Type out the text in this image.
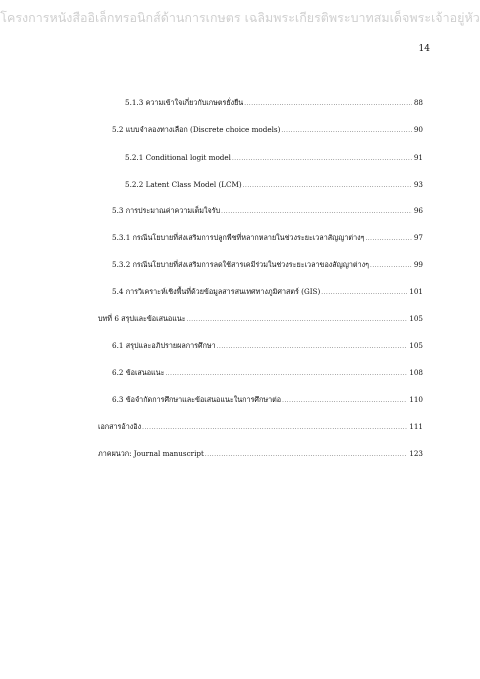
โครงการหนังสืออิเล็กทรอนิกส์ด้านการเกษตร เฉลิมพระเกียรติพระบาทสมเด็จพระเจ้าอยู่หัว
14
5.1.3 ความเข้าใจเกี่ยวกับเกษตรยั่งยืน .....	88
5.2 แบบจำลองทางเลือก (Discrete choice models) .....	90
5.2.1 Conditional logit model .....	91
5.2.2 Latent Class Model (LCM) .....	93
5.3 การประมาณค่าความเต็มใจรับ .....	96
5.3.1 กรณีนโยบายที่ส่งเสริมการปลูกพืชที่หลากหลายในช่วงระยะเวลาสัญญาต่างๆ .....	97
5.3.2 กรณีนโยบายที่ส่งเสริมการลดใช้สารเคมีร่วมในช่วงระยะเวลาของสัญญาต่างๆ .....	99
5.4 การวิเคราะห์เชิงพื้นที่ด้วยข้อมูลสารสนเทศทางภูมิศาสตร์ (GIS) .....	101
บทที่ 6 สรุปและข้อเสนอแนะ .....	105
6.1 สรุปและอภิปรายผลการศึกษา .....	105
6.2 ข้อเสนอแนะ .....	108
6.3 ข้อจำกัดการศึกษาและข้อเสนอแนะในการศึกษาต่อ .....	110
เอกสารอ้างอิง .....	111
ภาคผนวก: Journal manuscript .....	123
